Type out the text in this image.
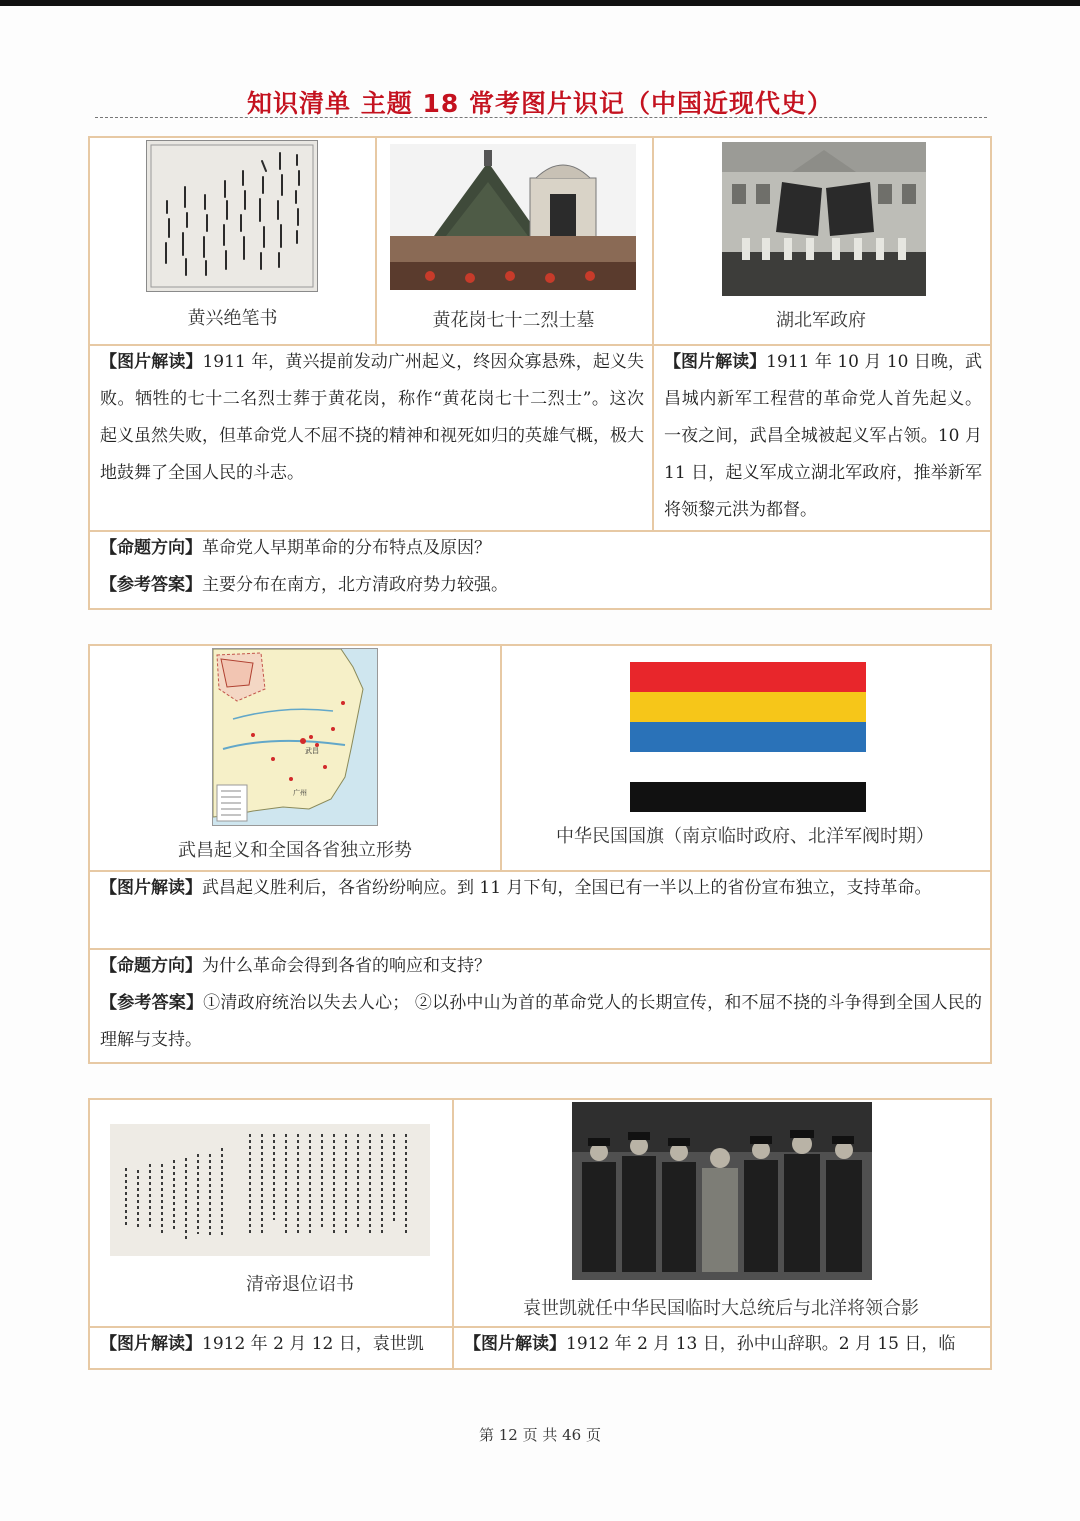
知识清单 主题 18 常考图片识记（中国近现代史）
黄兴绝笔书	黄花岗七十二烈士墓	湖北军政府
【图片解读】1911 年，黄兴提前发动广州起义，终因众寡悬殊，起义失败。牺牲的七十二名烈士葬于黄花岗，称作“黄花岗七十二烈士”。这次起义虽然失败，但革命党人不屈不挠的精神和视死如归的英雄气概，极大地鼓舞了全国人民的斗志。
【图片解读】1911 年 10 月 10 日晚，武昌城内新军工程营的革命党人首先起义。一夜之间，武昌全城被起义军占领。10 月 11 日，起义军成立湖北军政府，推举新军将领黎元洪为都督。
【命题方向】革命党人早期革命的分布特点及原因？
【参考答案】主要分布在南方，北方清政府势力较强。
武昌
广州
武昌起义和全国各省独立形势
中华民国国旗（南京临时政府、北洋军阀时期）
【图片解读】武昌起义胜利后，各省纷纷响应。到 11 月下旬，全国已有一半以上的省份宣布独立，支持革命。
【命题方向】为什么革命会得到各省的响应和支持？
【参考答案】①清政府统治以失去人心； ②以孙中山为首的革命党人的长期宣传，和不屈不挠的斗争得到全国人民的理解与支持。
清帝退位诏书
袁世凯就任中华民国临时大总统后与北洋将领合影
【图片解读】1912 年 2 月 12 日，袁世凯	【图片解读】1912 年 2 月 13 日，孙中山辞职。2 月 15 日，临
第 12 页 共 46 页
